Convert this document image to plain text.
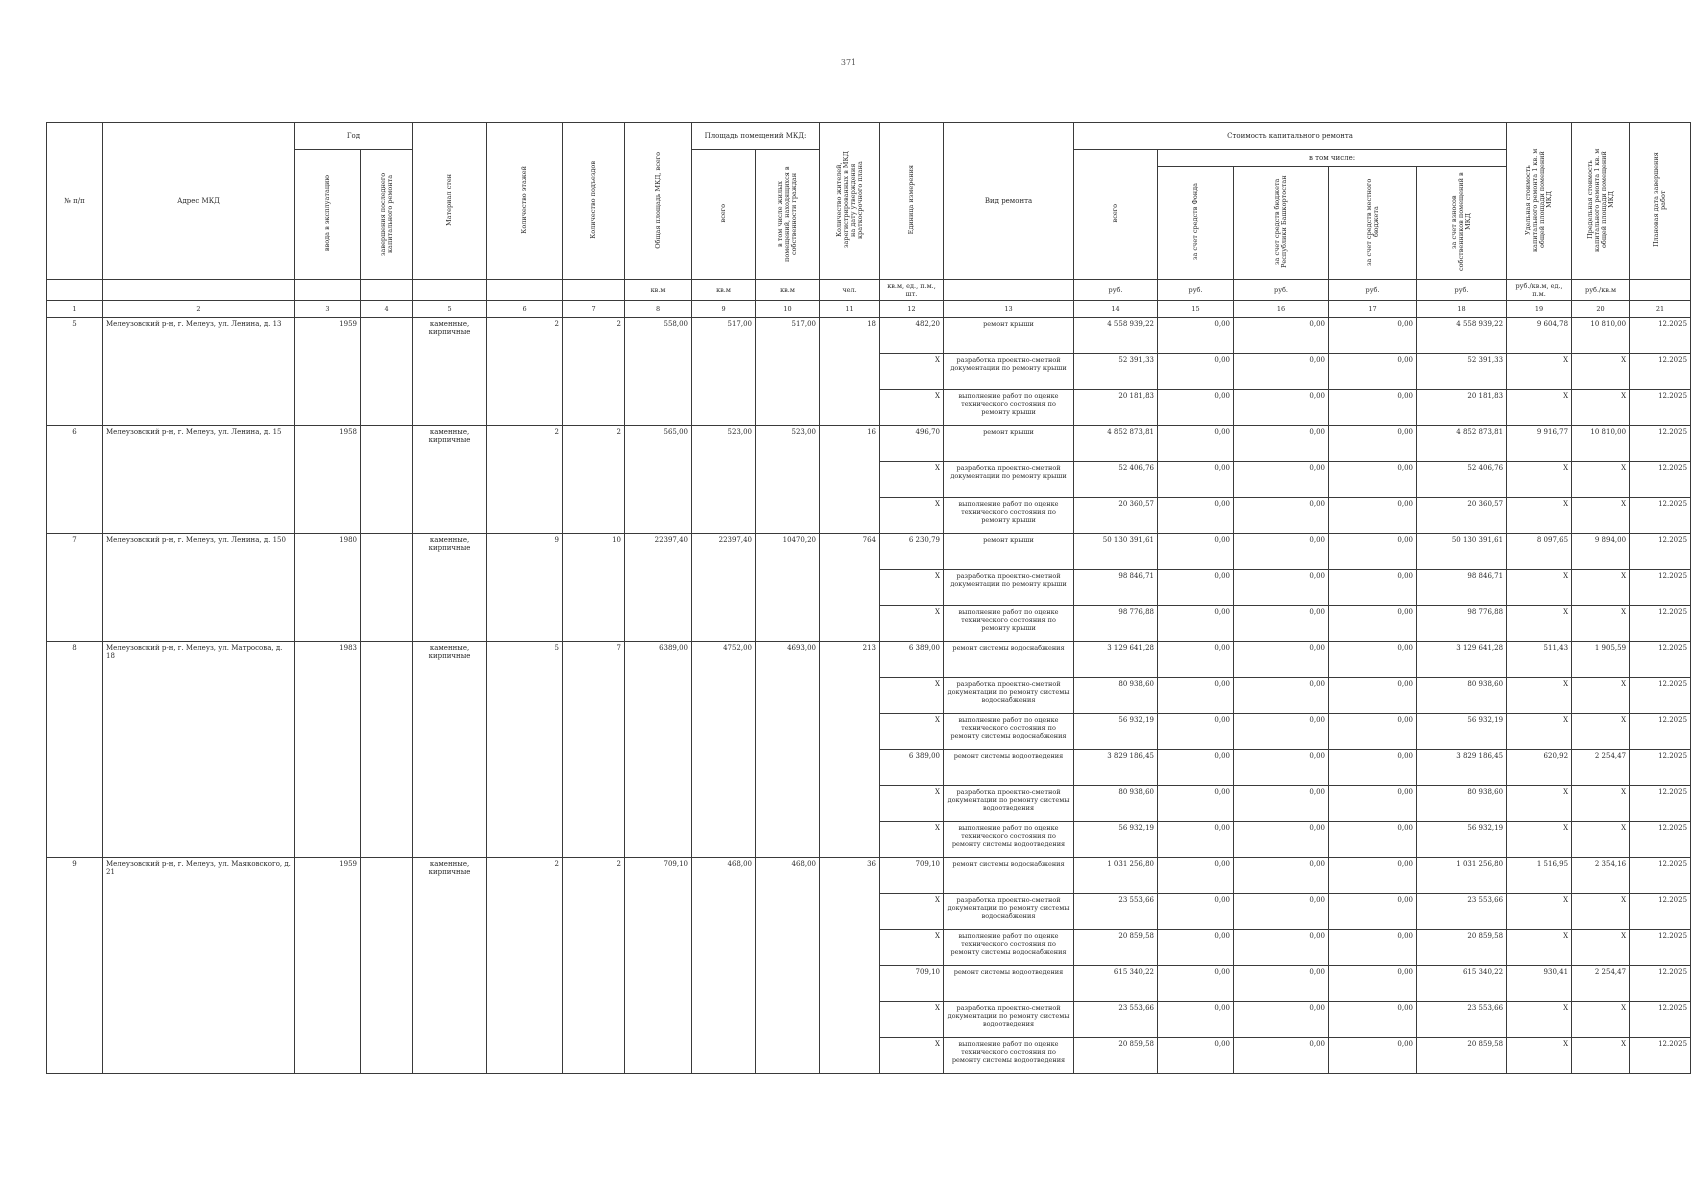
371
№ п/п	Адрес МКД	Год		Материал стен	Количество этажей	Количество подъездов	Общая площадь МКД, всего	Площадь помещений МКД:		Количество жителей, зарегистрированных в МКД на дату утверждения краткосрочного плана	Единица измерения	Вид ремонта	Стоимость капитального ремонта					Удельная стоимость капитального ремонта 1 кв. м общей площади помещений МКД	Предельная стоимость капитального ремонта 1 кв. м общей площади помещений МКД	Плановая дата завершения работ
		ввода в эксплуатацию	завершения последнего капитального ремонта					всего	в том числе жилых помещений, находящихся в собственности граждан				всего	в том числе:						
														за счет средств Фонда	за счет средств бюджета Республики Башкортостан	за счет средств местного бюджета	за счет взносов собственников помещений в МКД			
							кв.м	кв.м	кв.м	чел.	кв.м, ед., п.м., шт.		руб.	руб.	руб.	руб.	руб.	руб./кв.м, ед., п.м.	руб./кв.м	
1	2	3	4	5	6	7	8	9	10	11	12	13	14	15	16	17	18	19	20	21
5	Мелеузовский р-н, г. Мелеуз, ул. Ленина, д. 13	1959		каменные, кирпичные	2	2	558,00	517,00	517,00	18	482,20	ремонт крыши	4 558 939,22	0,00	0,00	0,00	4 558 939,22	9 604,78	10 810,00	12.2025
											X	разработка проектно-сметной документации по ремонту крыши	52 391,33	0,00	0,00	0,00	52 391,33	X	X	12.2025
											X	выполнение работ по оценке технического состояния по ремонту крыши	20 181,83	0,00	0,00	0,00	20 181,83	X	X	12.2025
6	Мелеузовский р-н, г. Мелеуз, ул. Ленина, д. 15	1958		каменные, кирпичные	2	2	565,00	523,00	523,00	16	496,70	ремонт крыши	4 852 873,81	0,00	0,00	0,00	4 852 873,81	9 916,77	10 810,00	12.2025
											X	разработка проектно-сметной документации по ремонту крыши	52 406,76	0,00	0,00	0,00	52 406,76	X	X	12.2025
											X	выполнение работ по оценке технического состояния по ремонту крыши	20 360,57	0,00	0,00	0,00	20 360,57	X	X	12.2025
7	Мелеузовский р-н, г. Мелеуз, ул. Ленина, д. 150	1980		каменные, кирпичные	9	10	22397,40	22397,40	10470,20	764	6 230,79	ремонт крыши	50 130 391,61	0,00	0,00	0,00	50 130 391,61	8 097,65	9 894,00	12.2025
											X	разработка проектно-сметной документации по ремонту крыши	98 846,71	0,00	0,00	0,00	98 846,71	X	X	12.2025
											X	выполнение работ по оценке технического состояния по ремонту крыши	98 776,88	0,00	0,00	0,00	98 776,88	X	X	12.2025
8	Мелеузовский р-н, г. Мелеуз, ул. Матросова, д. 18	1983		каменные, кирпичные	5	7	6389,00	4752,00	4693,00	213	6 389,00	ремонт системы водоснабжения	3 129 641,28	0,00	0,00	0,00	3 129 641,28	511,43	1 905,59	12.2025
											X	разработка проектно-сметной документации по ремонту системы водоснабжения	80 938,60	0,00	0,00	0,00	80 938,60	X	X	12.2025
											X	выполнение работ по оценке технического состояния по ремонту системы водоснабжения	56 932,19	0,00	0,00	0,00	56 932,19	X	X	12.2025
											6 389,00	ремонт системы водоотведения	3 829 186,45	0,00	0,00	0,00	3 829 186,45	620,92	2 254,47	12.2025
											X	разработка проектно-сметной документации по ремонту системы водоотведения	80 938,60	0,00	0,00	0,00	80 938,60	X	X	12.2025
											X	выполнение работ по оценке технического состояния по ремонту системы водоотведения	56 932,19	0,00	0,00	0,00	56 932,19	X	X	12.2025
9	Мелеузовский р-н, г. Мелеуз, ул. Маяковского, д. 21	1959		каменные, кирпичные	2	2	709,10	468,00	468,00	36	709,10	ремонт системы водоснабжения	1 031 256,80	0,00	0,00	0,00	1 031 256,80	1 516,95	2 354,16	12.2025
											X	разработка проектно-сметной документации по ремонту системы водоснабжения	23 553,66	0,00	0,00	0,00	23 553,66	X	X	12.2025
											X	выполнение работ по оценке технического состояния по ремонту системы водоснабжения	20 859,58	0,00	0,00	0,00	20 859,58	X	X	12.2025
											709,10	ремонт системы водоотведения	615 340,22	0,00	0,00	0,00	615 340,22	930,41	2 254,47	12.2025
											X	разработка проектно-сметной документации по ремонту системы водоотведения	23 553,66	0,00	0,00	0,00	23 553,66	X	X	12.2025
											X	выполнение работ по оценке технического состояния по ремонту системы водоотведения	20 859,58	0,00	0,00	0,00	20 859,58	X	X	12.2025
